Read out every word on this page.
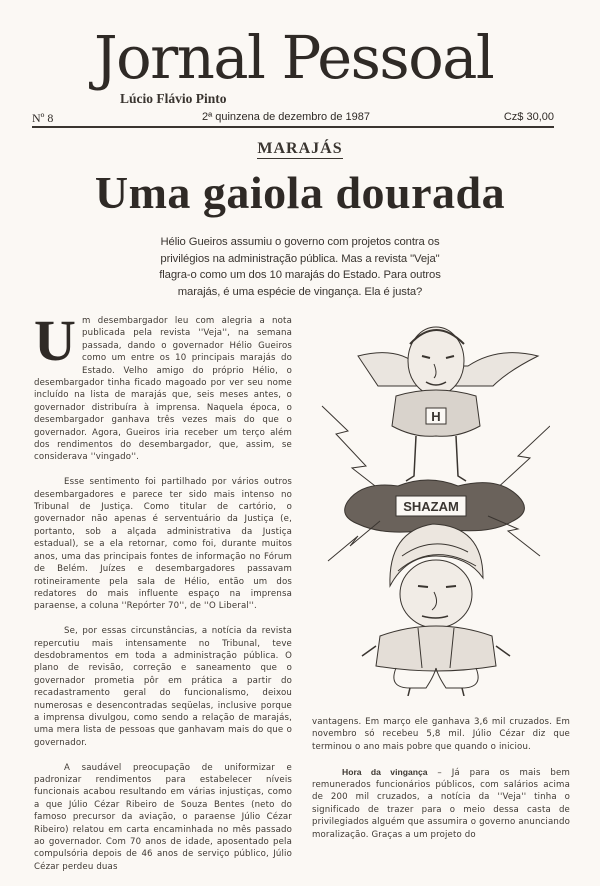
Jornal Pessoal
Lúcio Flávio Pinto
Nº 8	2ª quinzena de dezembro de 1987	Cz$ 30,00
MARAJÁS
Uma gaiola dourada
Hélio Gueiros assumiu o governo com projetos contra os privilégios na administração pública. Mas a revista "Veja" flagra-o como um dos 10 marajás do Estado. Para outros marajás, é uma espécie de vingança. Ela é justa?

Um desembargador leu com alegria a nota publicada pela revista ''Veja'', na semana passada, dando o governador Hélio Gueiros como um entre os 10 principais marajás do Estado. Velho amigo do próprio Hélio, o desembargador tinha ficado magoado por ver seu nome incluído na lista de marajás que, seis meses antes, o governador distribuíra à imprensa. Naquela época, o desembargador ganhava três vezes mais do que o governador. Agora, Gueiros iria receber um terço além dos rendimentos do desembargador, que, assim, se considerava ''vingado''.

Esse sentimento foi partilhado por vários outros desembargadores e parece ter sido mais intenso no Tribunal de Justiça. Como titular de cartório, o governador não apenas é serventuário da Justiça (e, portanto, sob a alçada administrativa da Justiça estadual), se a ela retornar, como foi, durante muitos anos, uma das principais fontes de informação no Fórum de Belém. Juízes e desembargadores passavam rotineiramente pela sala de Hélio, então um dos redatores do mais influente espaço na imprensa paraense, a coluna ''Repórter 70'', de ''O Liberal''.

Se, por essas circunstâncias, a notícia da revista repercutiu mais intensamente no Tribunal, teve desdobramentos em toda a administração pública. O plano de revisão, correção e saneamento que o governador prometia pôr em prática a partir do recadastramento geral do funcionalismo, deixou numerosas e desencontradas seqüelas, inclusive porque a imprensa divulgou, como sendo a relação de marajás, uma mera lista de pessoas que ganhavam mais do que o governador.

A saudável preocupação de uniformizar e padronizar rendimentos para estabelecer níveis funcionais acabou resultando em várias injustiças, como a que Júlio Cézar Ribeiro de Souza Bentes (neto do famoso precursor da aviação, o paraense Júlio Cézar Ribeiro) relatou em carta encaminhada no mês passado ao governador. Com 70 anos de idade, aposentado pela compulsória depois de 46 anos de serviço público, Júlio Cézar perdeu duas

H
SHAZAM

vantagens. Em março ele ganhava 3,6 mil cruzados. Em novembro só recebeu 5,8 mil. Júlio Cézar diz que terminou o ano mais pobre que quando o iniciou.

Hora da vingança – Já para os mais bem remunerados funcionários públicos, com salários acima de 200 mil cruzados, a notícia da ''Veja'' tinha o significado de trazer para o meio dessa casta de privilegiados alguém que assumira o governo anunciando moralização. Graças a um projeto do
